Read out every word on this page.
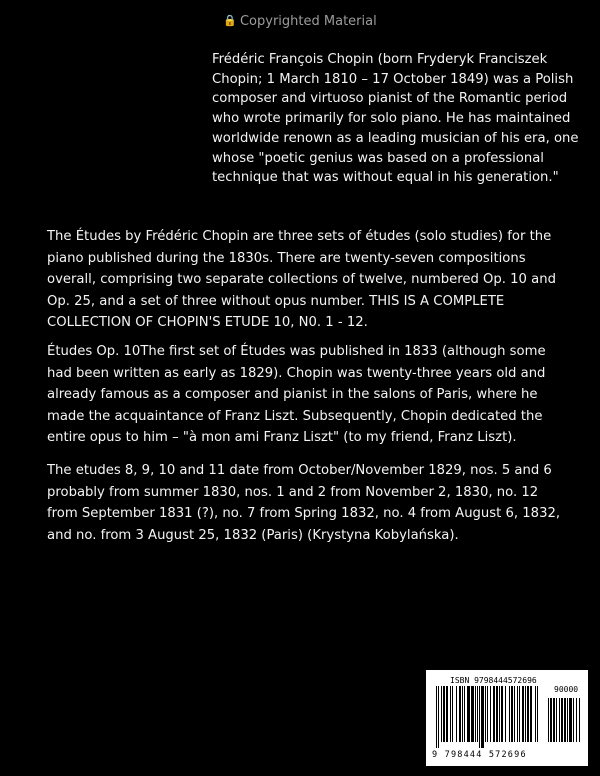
🔒 Copyrighted Material
Frédéric François Chopin (born Fryderyk Franciszek Chopin; 1 March 1810 – 17 October 1849) was a Polish composer and virtuoso pianist of the Romantic period who wrote primarily for solo piano. He has maintained worldwide renown as a leading musician of his era, one whose "poetic genius was based on a professional technique that was without equal in his generation."
The Études by Frédéric Chopin are three sets of études (solo studies) for the piano published during the 1830s. There are twenty-seven compositions overall, comprising two separate collections of twelve, numbered Op. 10 and Op. 25, and a set of three without opus number. THIS IS A COMPLETE COLLECTION OF CHOPIN'S ETUDE 10, N0. 1 - 12.
Études Op. 10The first set of Études was published in 1833 (although some had been written as early as 1829). Chopin was twenty-three years old and already famous as a composer and pianist in the salons of Paris, where he made the acquaintance of Franz Liszt. Subsequently, Chopin dedicated the entire opus to him – "à mon ami Franz Liszt" (to my friend, Franz Liszt).
The etudes 8, 9, 10 and 11 date from October/November 1829, nos. 5 and 6 probably from summer 1830, nos. 1 and 2 from November 2, 1830, no. 12 from September 1831 (?), no. 7 from Spring 1832, no. 4 from August 6, 1832, and no. from 3 August 25, 1832 (Paris) (Krystyna Kobylańska).
ISBN 9798444572696
90000
9 798444 572696
